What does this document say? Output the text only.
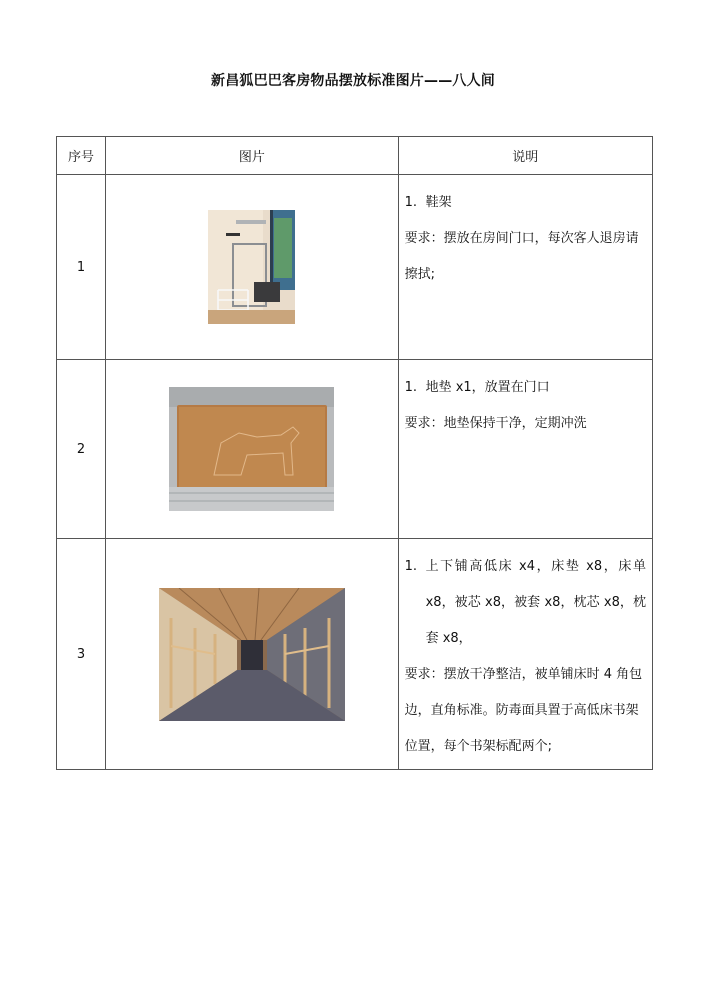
新昌狐巴巴客房物品摆放标准图片——八人间
序号	图片	说明
1		1. 鞋架

要求：摆放在房间门口，每次客人退房请擦拭;

2		1. 地垫 x1，放置在门口

要求：地垫保持干净，定期冲洗

3		1. 上下铺高低床 x4，床垫 x8，床单 x8，被芯 x8，被套 x8，枕芯 x8，枕套 x8，

要求：摆放干净整洁，被单铺床时 4 角包边，直角标准。防毒面具置于高低床书架位置，每个书架标配两个;
